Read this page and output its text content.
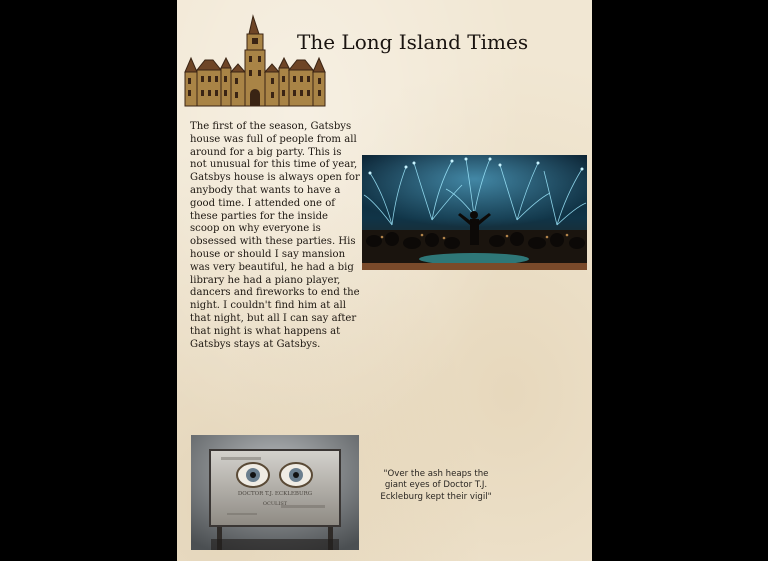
The Long Island Times

The first of the season, Gatsbys house was full of people from all around for a big party. This is not unusual for this time of year, Gatsbys house is always open for anybody that wants to have a good time. I attended one of these parties for the inside scoop on why everyone is obsessed with these parties. His house or should I say mansion was very beautiful, he had a big library he had a piano player, dancers and fireworks to end the night. I couldn't find him at all that night, but all I can say after that night is what happens at Gatsbys stays at Gatsbys.

DOCTOR T.J. ECKLEBURG
OCULIST

"Over the ash heaps the giant eyes of Doctor T.J. Eckleburg kept their vigil"
